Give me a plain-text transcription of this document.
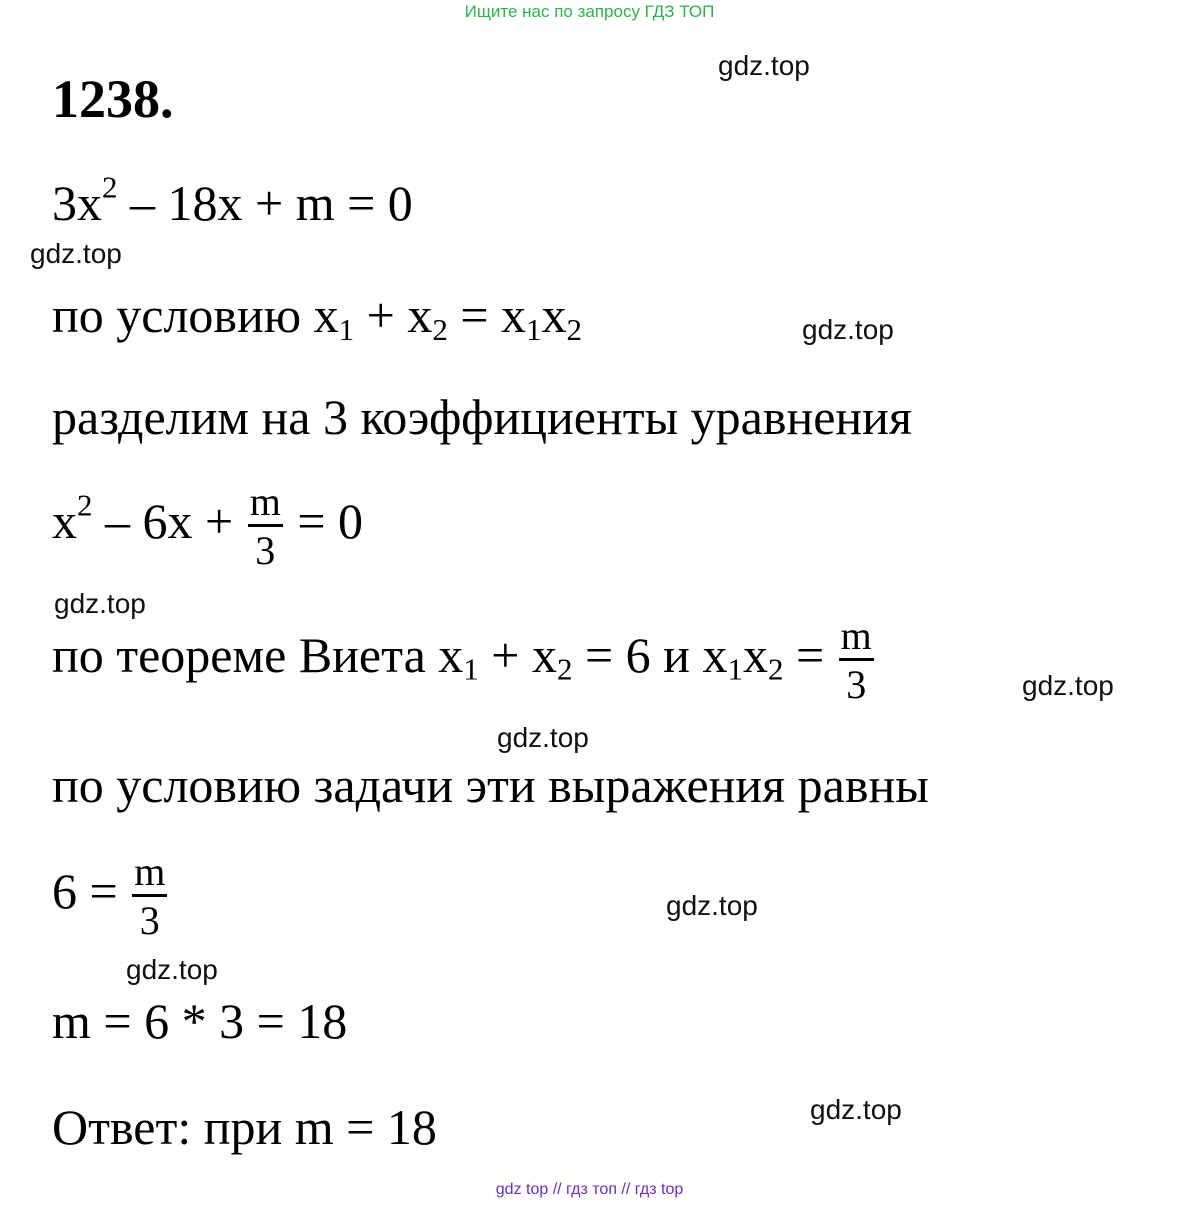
Ищите нас по запросу ГДЗ ТОП
1238.
gdz.top
$3x^2 - 18x + m = 0$
gdz.top
по условию $x_1 + x_2 = x_1x_2$	gdz.top
разделим на 3 коэффициенты уравнения
$x^2 - 6x + \frac{m}{3} = 0$
gdz.top
по теореме Виета $x_1 + x_2 = 6$ и $x_1x_2 = \frac{m}{3}$	gdz.top
gdz.top
по условию задачи эти выражения равны
$6 = \frac{m}{3}$	gdz.top
gdz.top
m = 6 * 3 = 18
gdz.top
Ответ: при m = 18
gdz top // гдз топ // гдз top
